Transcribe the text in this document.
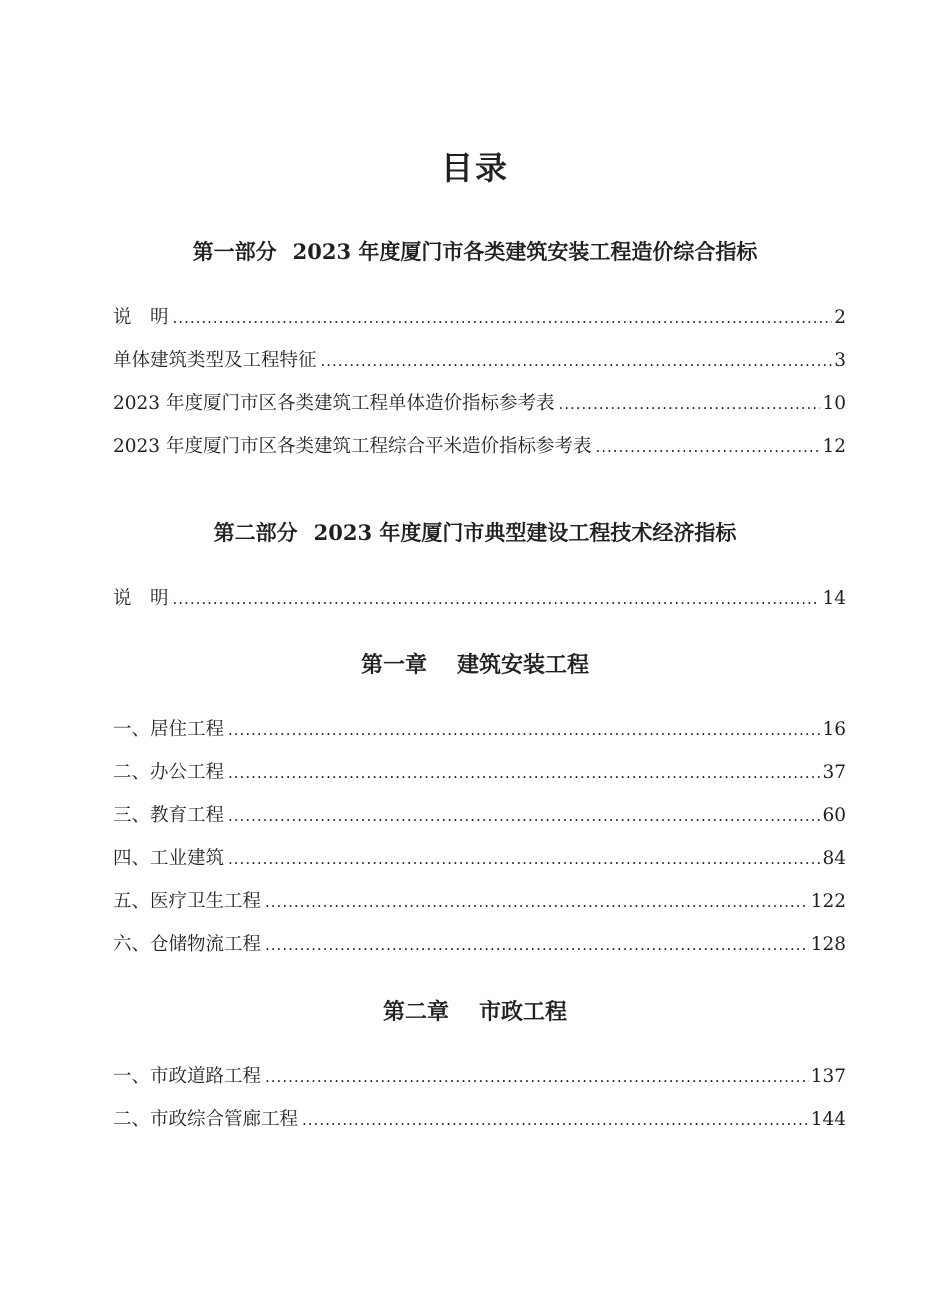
目录
第一部分 2023 年度厦门市各类建筑安装工程造价综合指标
说　明 .....	2
单体建筑类型及工程特征 .....	3
2023 年度厦门市区各类建筑工程单体造价指标参考表 .....	10
2023 年度厦门市区各类建筑工程综合平米造价指标参考表 .....	12
第二部分 2023 年度厦门市典型建设工程技术经济指标
说　明 .....	14
第一章 建筑安装工程
一、居住工程 .....	16
二、办公工程 .....	37
三、教育工程 .....	60
四、工业建筑 .....	84
五、医疗卫生工程 .....	122
六、仓储物流工程 .....	128
第二章 市政工程
一、市政道路工程 .....	137
二、市政综合管廊工程 .....	144
